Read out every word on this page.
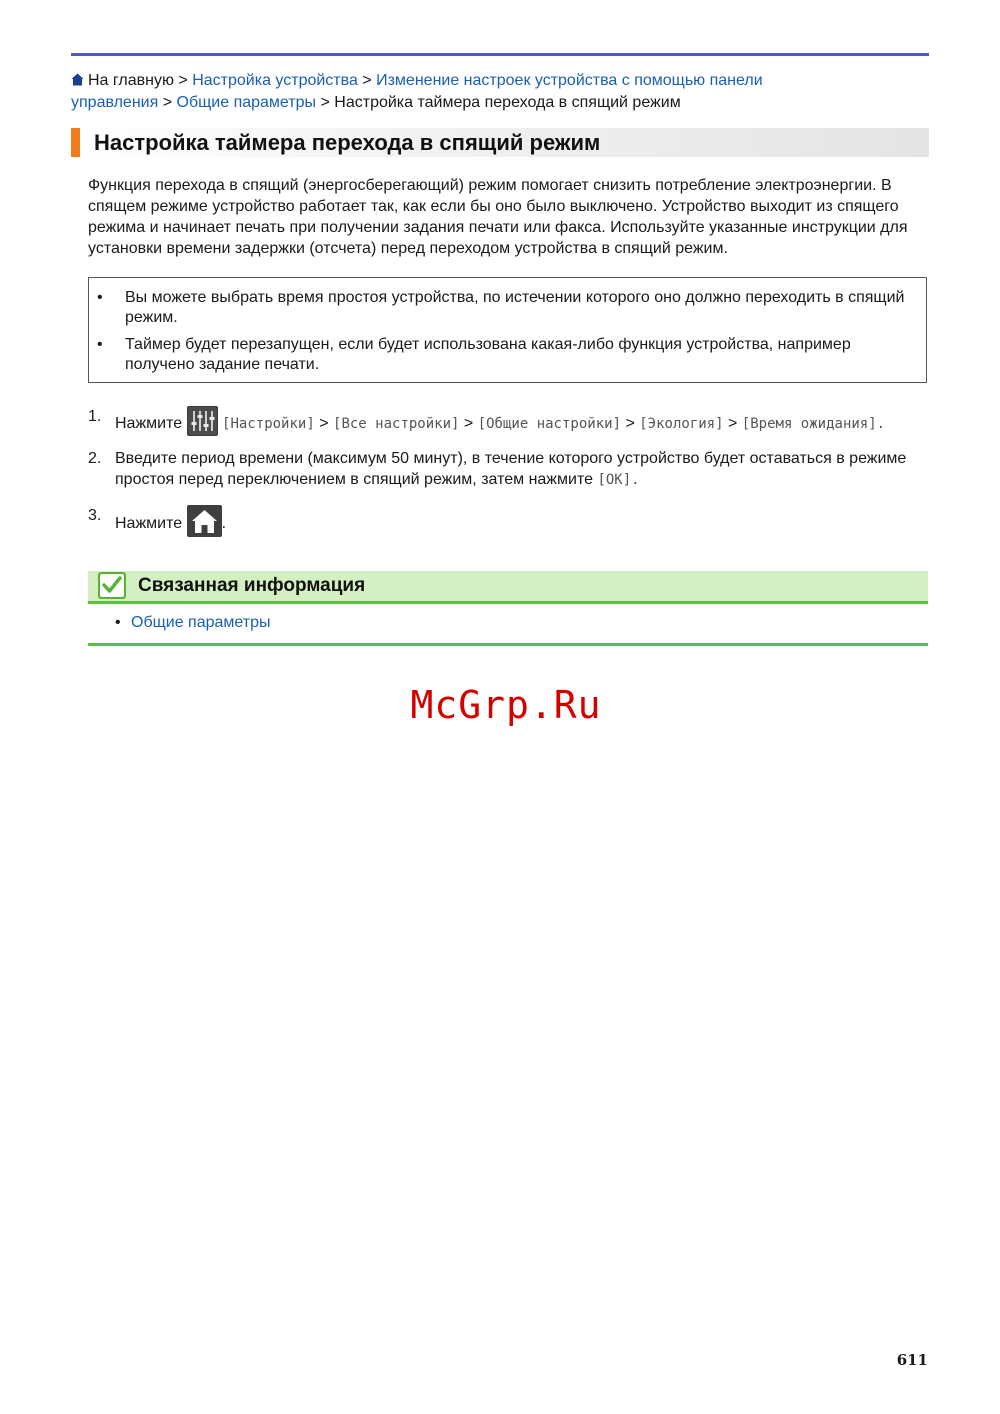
На главную > Настройка устройства > Изменение настроек устройства с помощью панели
управления > Общие параметры > Настройка таймера перехода в спящий режим
Настройка таймера перехода в спящий режим

Функция перехода в спящий (энергосберегающий) режим помогает снизить потребление электроэнергии. В спящем режиме устройство работает так, как если бы оно было выключено. Устройство выходит из спящего режима и начинает печать при получении задания печати или факса. Используйте указанные инструкции для установки времени задержки (отсчета) перед переходом устройства в спящий режим.

• Вы можете выбрать время простоя устройства, по истечении которого оно должно переходить в спящий режим.
• Таймер будет перезапущен, если будет использована какая-либо функция устройства, например получено задание печати.
1. Нажмите	[Настройки] > [Все настройки] > [Общие настройки] > [Экология] > [Время ожидания].
2. Введите период времени (максимум 50 минут), в течение которого устройство будет оставаться в режиме простоя перед переключением в спящий режим, затем нажмите [OK].
3. Нажмите .
Связанная информация
• Общие параметры
McGrp.Ru
611
